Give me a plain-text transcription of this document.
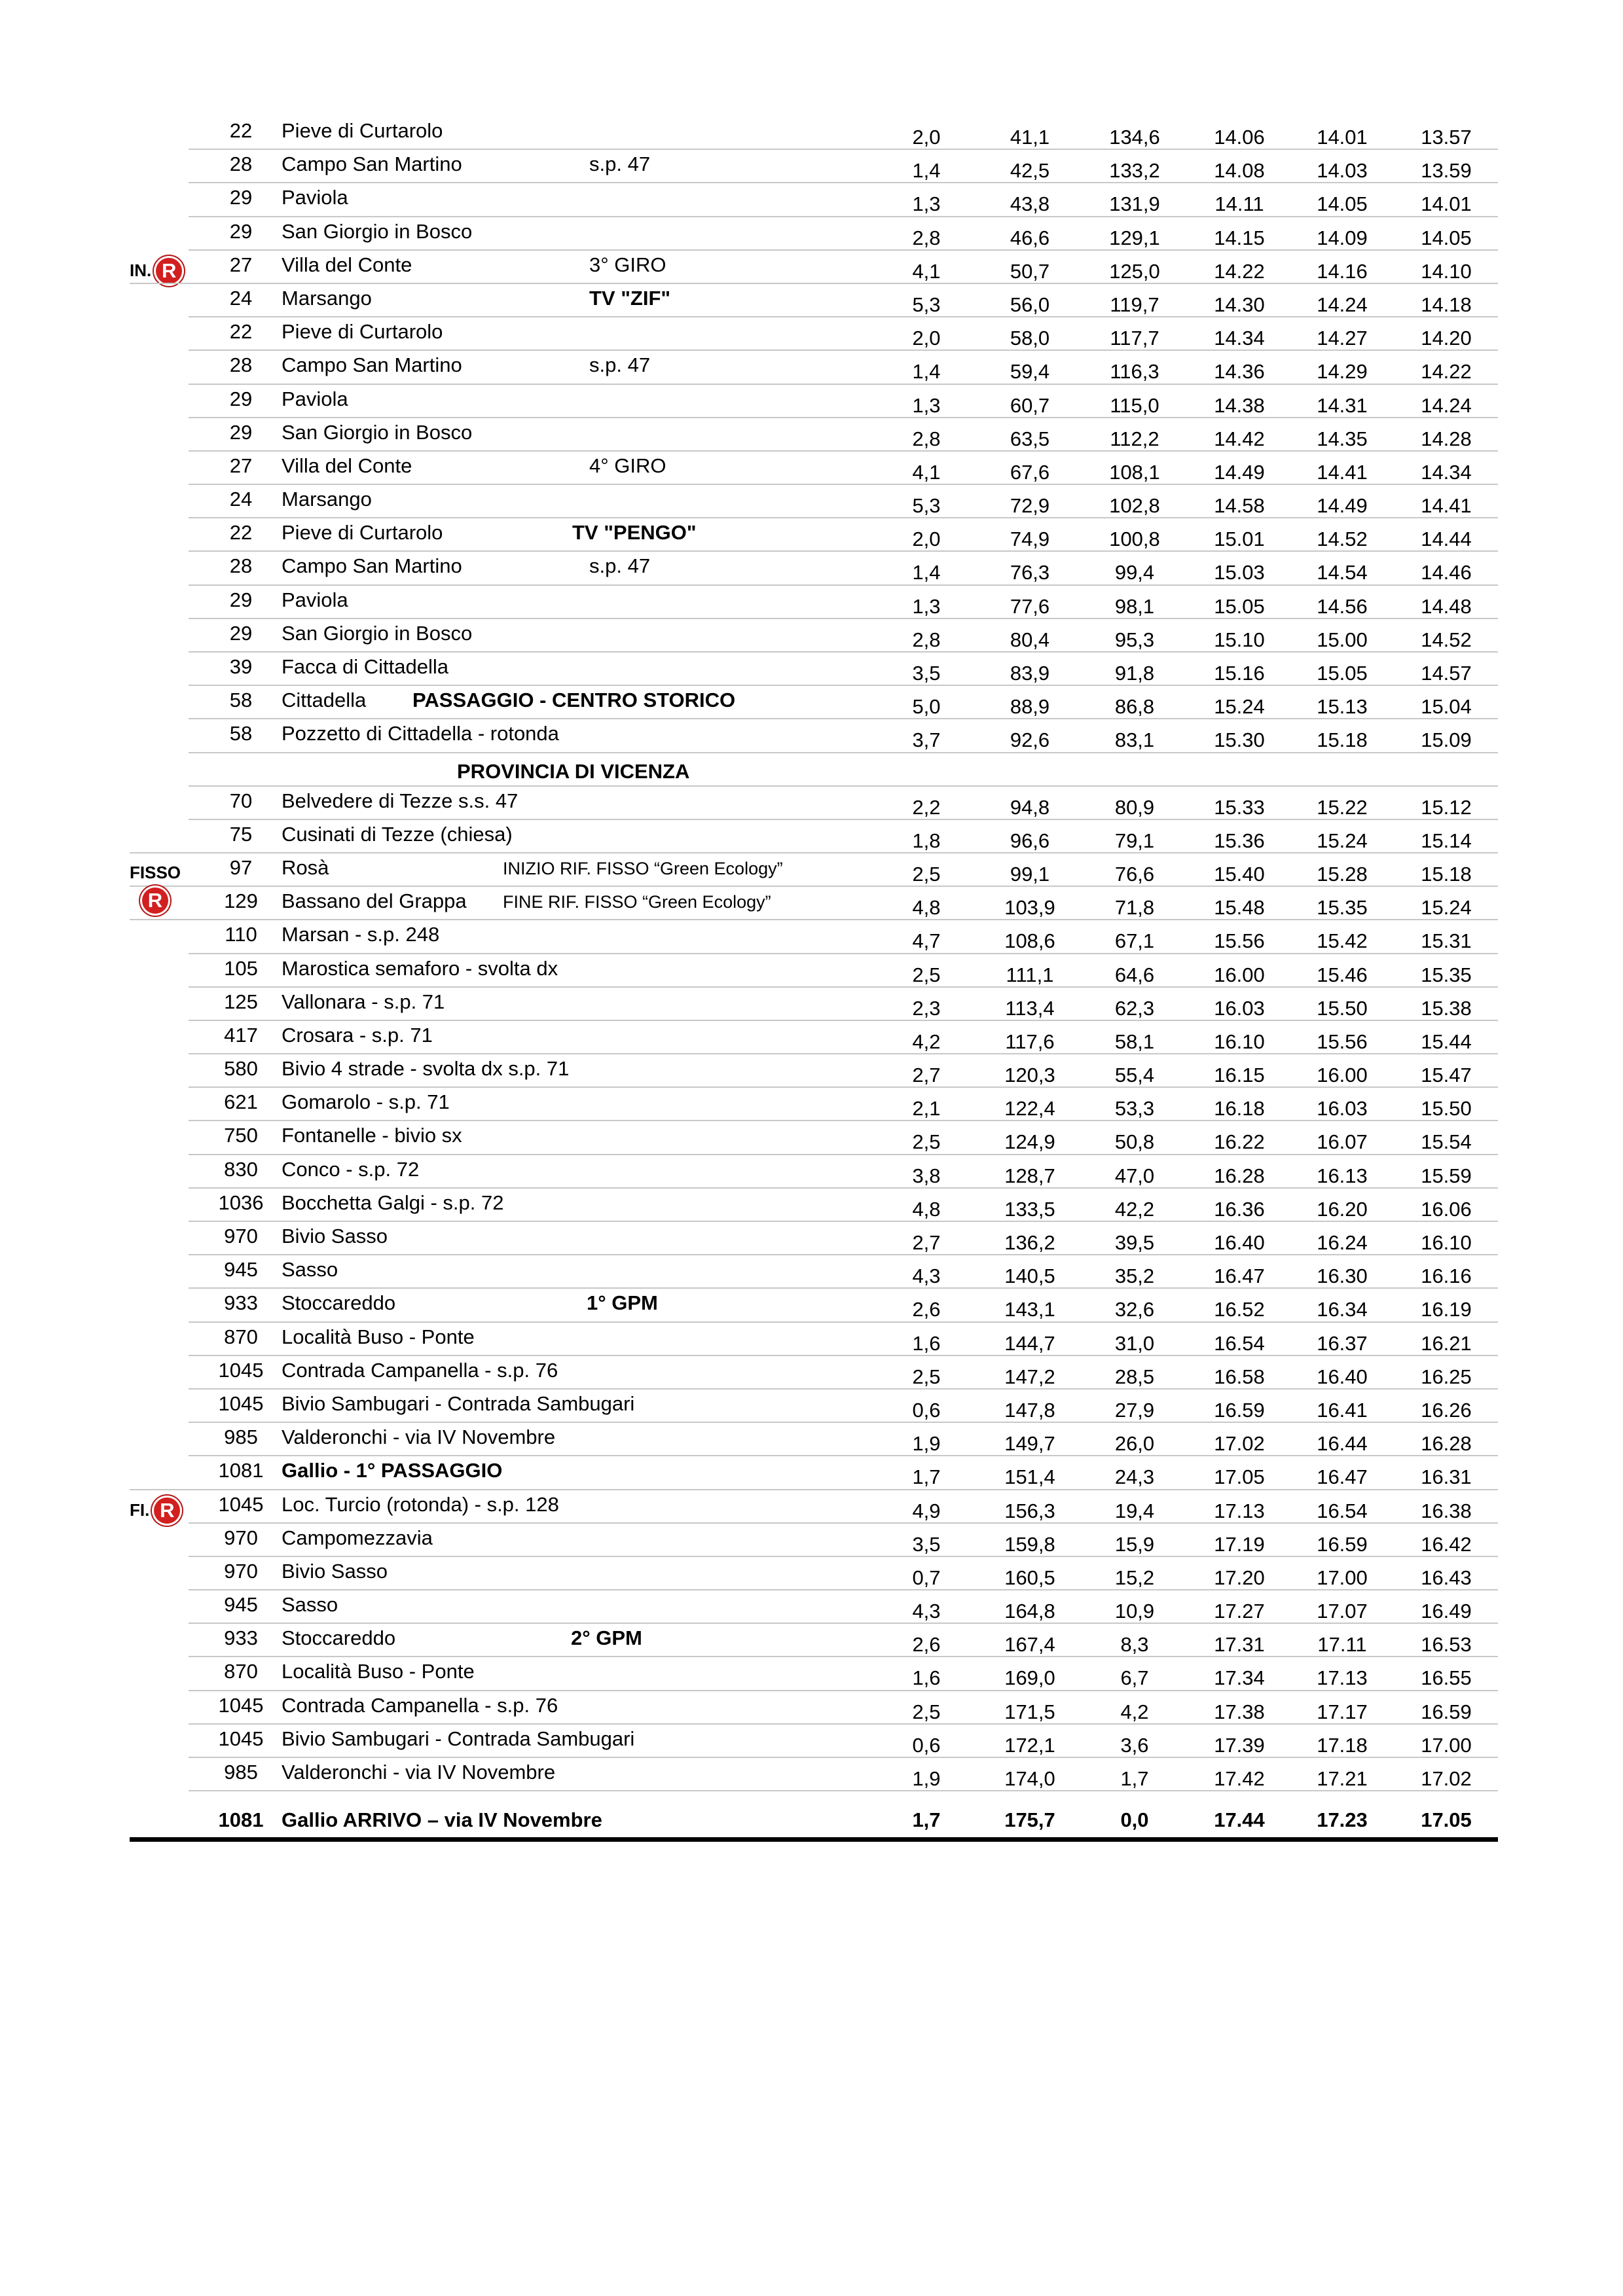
22	Pieve di Curtarolo	2,0	41,1	134,6	14.06	14.01	13.57
28	Campo San Martino	s.p. 47	1,4	42,5	133,2	14.08	14.03	13.59
29	Paviola	1,3	43,8	131,9	14.11	14.05	14.01
29	San Giorgio in Bosco	2,8	46,6	129,1	14.15	14.09	14.05
27	Villa del Conte	3° GIRO	4,1	50,7	125,0	14.22	14.16	14.10
IN. R
24	Marsango	TV "ZIF"	5,3	56,0	119,7	14.30	14.24	14.18
22	Pieve di Curtarolo	2,0	58,0	117,7	14.34	14.27	14.20
28	Campo San Martino	s.p. 47	1,4	59,4	116,3	14.36	14.29	14.22
29	Paviola	1,3	60,7	115,0	14.38	14.31	14.24
29	San Giorgio in Bosco	2,8	63,5	112,2	14.42	14.35	14.28
27	Villa del Conte	4° GIRO	4,1	67,6	108,1	14.49	14.41	14.34
24	Marsango	5,3	72,9	102,8	14.58	14.49	14.41
22	Pieve di Curtarolo	TV "PENGO"	2,0	74,9	100,8	15.01	14.52	14.44
28	Campo San Martino	s.p. 47	1,4	76,3	99,4	15.03	14.54	14.46
29	Paviola	1,3	77,6	98,1	15.05	14.56	14.48
29	San Giorgio in Bosco	2,8	80,4	95,3	15.10	15.00	14.52
39	Facca di Cittadella	3,5	83,9	91,8	15.16	15.05	14.57
58	Cittadella PASSAGGIO - CENTRO STORICO	5,0	88,9	86,8	15.24	15.13	15.04
58	Pozzetto di Cittadella - rotonda	3,7	92,6	83,1	15.30	15.18	15.09
PROVINCIA DI VICENZA
70	Belvedere di Tezze s.s. 47	2,2	94,8	80,9	15.33	15.22	15.12
75	Cusinati di Tezze (chiesa)	1,8	96,6	79,1	15.36	15.24	15.14
97	Rosà	INIZIO RIF. FISSO “Green Ecology”	2,5	99,1	76,6	15.40	15.28	15.18
FISSO
129	Bassano del Grappa FINE RIF. FISSO “Green Ecology”	4,8	103,9	71,8	15.48	15.35	15.24
R
110	Marsan - s.p. 248	4,7	108,6	67,1	15.56	15.42	15.31
105	Marostica semaforo - svolta dx	2,5	111,1	64,6	16.00	15.46	15.35
125	Vallonara - s.p. 71	2,3	113,4	62,3	16.03	15.50	15.38
417	Crosara - s.p. 71	4,2	117,6	58,1	16.10	15.56	15.44
580	Bivio 4 strade - svolta dx s.p. 71	2,7	120,3	55,4	16.15	16.00	15.47
621	Gomarolo - s.p. 71	2,1	122,4	53,3	16.18	16.03	15.50
750	Fontanelle - bivio sx	2,5	124,9	50,8	16.22	16.07	15.54
830	Conco - s.p. 72	3,8	128,7	47,0	16.28	16.13	15.59
1036 Bocchetta Galgi - s.p. 72	4,8	133,5	42,2	16.36	16.20	16.06
970	Bivio Sasso	2,7	136,2	39,5	16.40	16.24	16.10
945	Sasso	4,3	140,5	35,2	16.47	16.30	16.16
933	Stoccareddo	1° GPM	2,6	143,1	32,6	16.52	16.34	16.19
870	Località Buso - Ponte	1,6	144,7	31,0	16.54	16.37	16.21
1045 Contrada Campanella - s.p. 76	2,5	147,2	28,5	16.58	16.40	16.25
1045 Bivio Sambugari - Contrada Sambugari	0,6	147,8	27,9	16.59	16.41	16.26
985	Valderonchi - via IV Novembre	1,9	149,7	26,0	17.02	16.44	16.28
1081 Gallio - 1° PASSAGGIO	1,7	151,4	24,3	17.05	16.47	16.31
1045 Loc. Turcio (rotonda) - s.p. 128	4,9	156,3	19,4	17.13	16.54	16.38
FI. R
970	Campomezzavia	3,5	159,8	15,9	17.19	16.59	16.42
970	Bivio Sasso	0,7	160,5	15,2	17.20	17.00	16.43
945	Sasso	4,3	164,8	10,9	17.27	17.07	16.49
933	Stoccareddo	2° GPM	2,6	167,4	8,3	17.31	17.11	16.53
870	Località Buso - Ponte	1,6	169,0	6,7	17.34	17.13	16.55
1045 Contrada Campanella - s.p. 76	2,5	171,5	4,2	17.38	17.17	16.59
1045 Bivio Sambugari - Contrada Sambugari	0,6	172,1	3,6	17.39	17.18	17.00
985	Valderonchi - via IV Novembre	1,9	174,0	1,7	17.42	17.21	17.02
1081 Gallio ARRIVO – via IV Novembre	1,7	175,7	0,0	17.44	17.23	17.05
